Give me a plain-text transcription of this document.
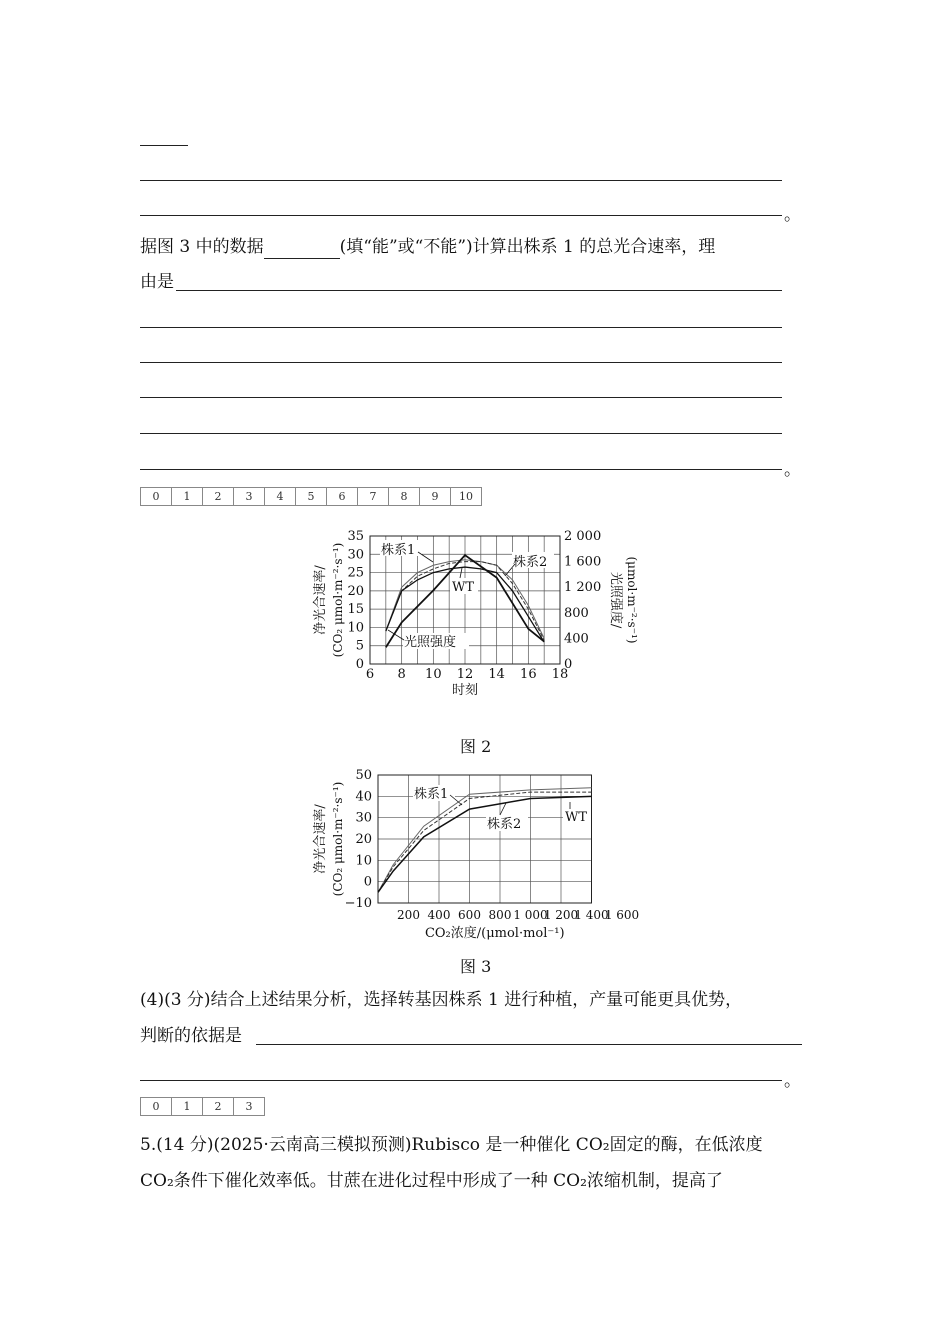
。
据图 3 中的数据	(填“能”或“不能”)计算出株系 1 的总光合速率，理
由是
。
0	1	2	3	4	5	6	7	8	9	10
6 8 10 12 14 16 18
0
5
10
15
20
25
30
35
0
400
800
1 200
1 600
2 000
时刻
净光合速率/ (CO₂ μmol·m⁻²·s⁻¹)	光照强度/ (μmol·m⁻²·s⁻¹)
株系1
株系2
WT
光照强度
图 2
200 400 600 800 1 000
1 200
1 400
1 600
−10
0
10
20
30
40
50
CO₂浓度/(μmol·mol⁻¹)
净光合速率/ (CO₂ μmol·m⁻²·s⁻¹)	株系1
株系2	WT
图 3
(4)(3 分)结合上述结果分析，选择转基因株系 1 进行种植，产量可能更具优势，
判断的依据是
。
0	1	2	3
5.(14 分)(2025·云南高三模拟预测)Rubisco 是一种催化 CO₂固定的酶，在低浓度
CO₂条件下催化效率低。甘蔗在进化过程中形成了一种 CO₂浓缩机制，提高了
